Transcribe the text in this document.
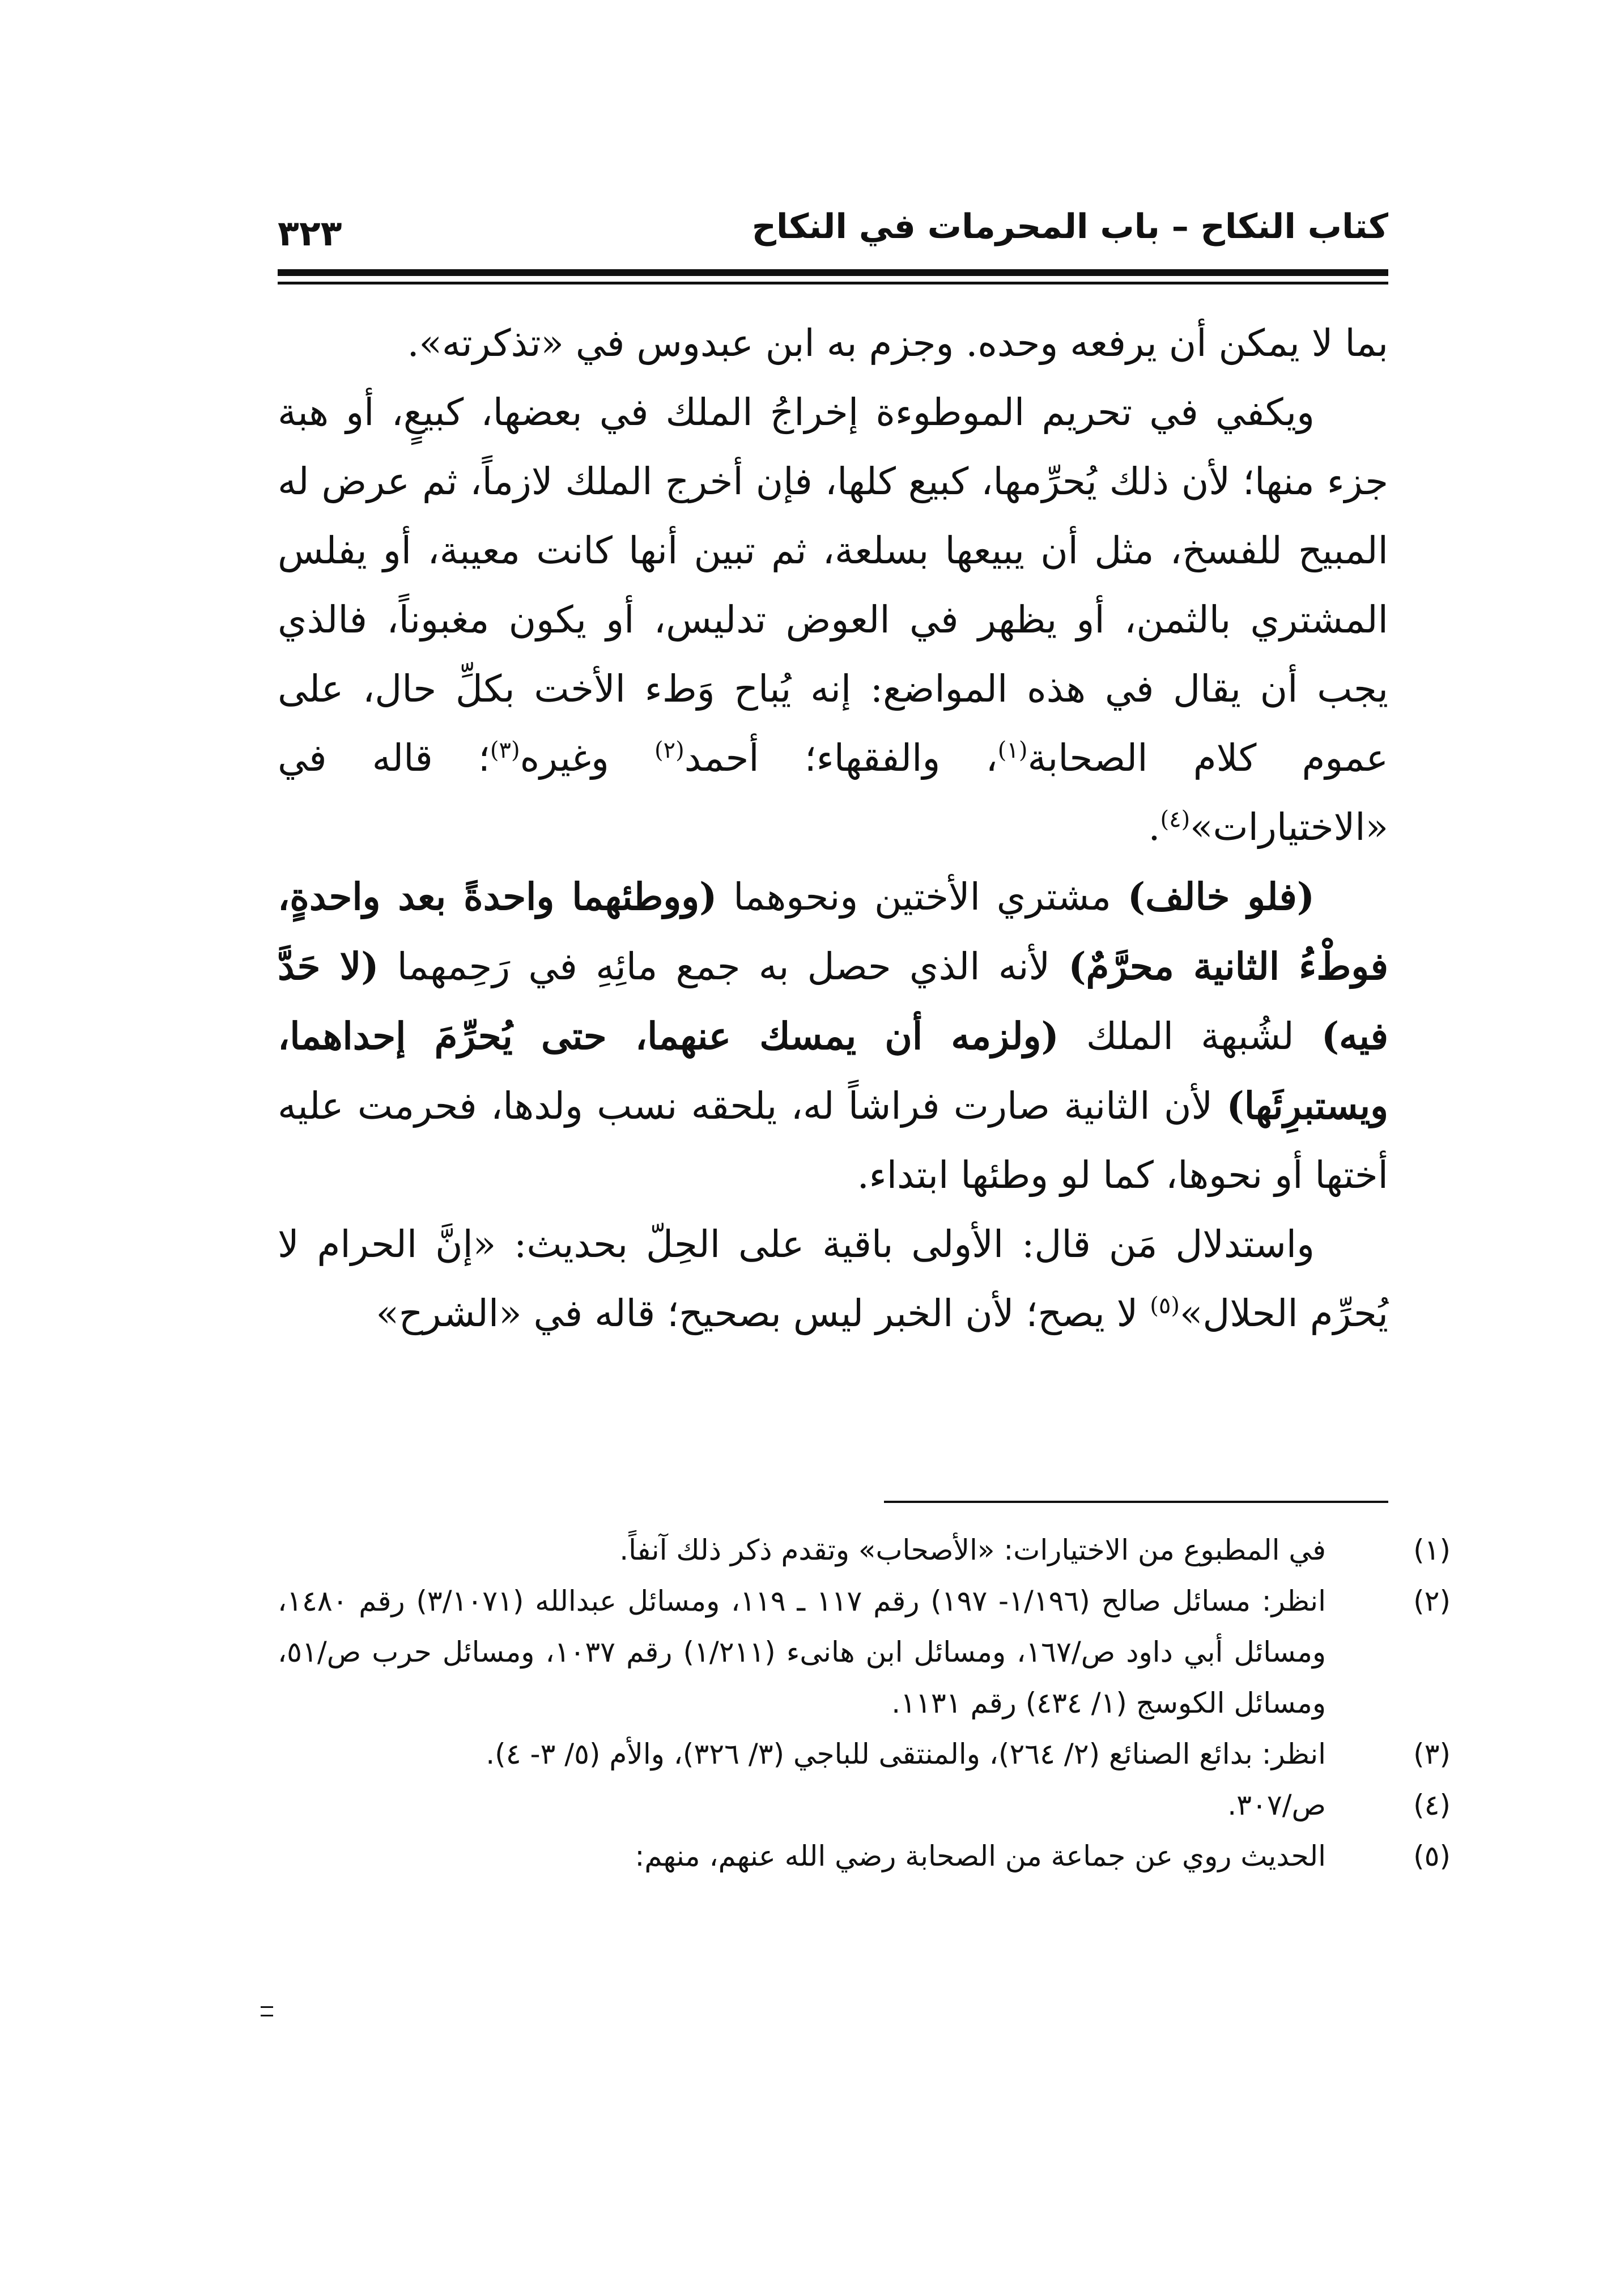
كتاب النكاح – باب المحرمات في النكاح
٣٢٣

بما لا يمكن أن يرفعه وحده. وجزم به ابن عبدوس في «تذكرته».

ويكفي في تحريم الموطوءة إخراجُ الملك في بعضها، كبيعٍ، أو هبة جزء منها؛ لأن ذلك يُحرِّمها، كبيع كلها، فإن أخرج الملك لازماً، ثم عرض له المبيح للفسخ، مثل أن يبيعها بسلعة، ثم تبين أنها كانت معيبة، أو يفلس المشتري بالثمن، أو يظهر في العوض تدليس، أو يكون مغبوناً، فالذي يجب أن يقال في هذه المواضع: إنه يُباح وَطء الأخت بكلِّ حال، على عموم كلام الصحابة$^{(١)}$، والفقهاء؛ أحمد$^{(٢)}$ وغيره$^{(٣)}$؛ قاله في «الاختيارات»$^{(٤)}$.

(فلو خالف) مشتري الأختين ونحوهما (ووطئهما واحدةً بعد واحدةٍ، فوطْءُ الثانية محرَّمٌ) لأنه الذي حصل به جمع مائِهِ في رَحِمهما (لا حَدَّ فيه) لشُبهة الملك (ولزمه أن يمسك عنهما، حتى يُحرِّمَ إحداهما، ويستبرِئَها) لأن الثانية صارت فراشاً له، يلحقه نسب ولدها، فحرمت عليه أختها أو نحوها، كما لو وطئها ابتداء.

واستدلال مَن قال: الأولى باقية على الحِلّ بحديث: «إنَّ الحرام لا يُحرِّم الحلال»$^{(٥)}$ لا يصح؛ لأن الخبر ليس بصحيح؛ قاله في «الشرح»

(١)في المطبوع من الاختيارات: «الأصحاب» وتقدم ذكر ذلك آنفاً.

(٢)انظر: مسائل صالح (١/١٩٦- ١٩٧) رقم ١١٧ ـ ١١٩، ومسائل عبدالله (٣/١٠٧١) رقم ١٤٨٠، ومسائل أبي داود ص/١٦٧، ومسائل ابن هانىء (١/٢١١) رقم ١٠٣٧، ومسائل حرب ص/٥١، ومسائل الكوسج (١/ ٤٣٤) رقم ١١٣١.

(٣)انظر: بدائع الصنائع (٢/ ٢٦٤)، والمنتقى للباجي (٣/ ٣٢٦)، والأم (٥/ ٣- ٤).

(٤)ص/٣٠٧.

(٥)الحديث روي عن جماعة من الصحابة رضي الله عنهم، منهم:
